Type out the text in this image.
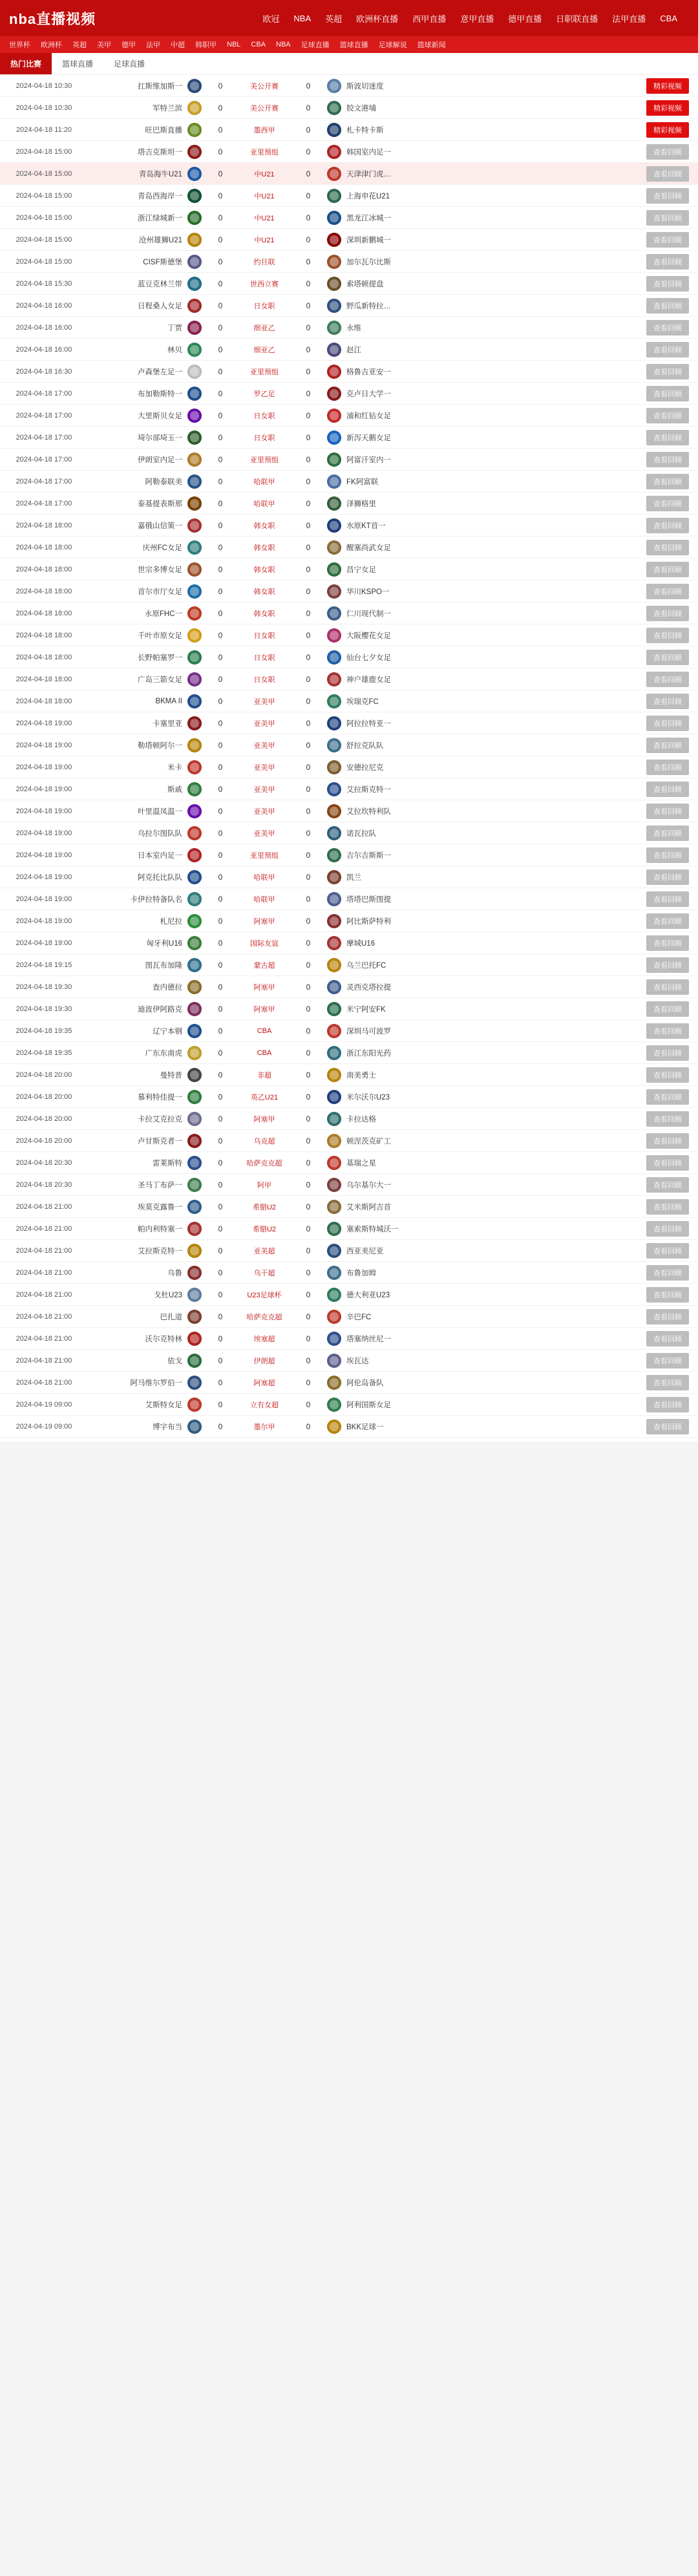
nba直播视频	欧冠 NBA 英超 欧洲杯直播 西甲直播 意甲直播 德甲直播 日职联直播 法甲直播 CBA
世界杯 欧洲杯 英超 美甲 德甲 法甲 中超 韩职甲 NBL CBA NBA 足球直播 篮球直播 足球解说 篮球新闻
热门比赛	篮球直播	足球直播
2024-04-18 10:30	扛斯维加斯一	0	美公开赛	0	斯波切迷度	精彩视频
2024-04-18 10:30	军特兰滨	0	美公开赛	0	胶文港埔	精彩视频
2024-04-18 11:20	旺巴斯直播	0	墨西甲	0	札卡特卡斯	精彩视频
2024-04-18 15:00	塔吉克斯坦一	0	亚里预组	0	韩国室内足一	查看回顾
2024-04-18 15:00	青岛海牛U21	0	中U21	0	天津津门虎…	查看回顾
2024-04-18 15:00	青岛西海岸一	0	中U21	0	上海申花U21	查看回顾
2024-04-18 15:00	浙江绿城新一	0	中U21	0	黑龙江冰城一	查看回顾
2024-04-18 15:00	沧州雄狮U21	0	中U21	0	深圳新鹏城一	查看回顾
2024-04-18 15:00	CISF斯德堡	0	约旦联	0	加尔瓦尔比斯	查看回顾
2024-04-18 15:30	蓝豆克林兰带	0	世西立赛	0	索塔顿提盘	查看回顾
2024-04-18 16:00	日程桑人女足	0	日女职	0	野瓜新特拉…	查看回顾
2024-04-18 16:00	丁贾	0	细亚乙	0	永维	查看回顾
2024-04-18 16:00	林贝	0	细亚乙	0	赵江	查看回顾
2024-04-18 16:30	卢森堡左足一	0	亚里预组	0	格鲁吉亚安一	查看回顾
2024-04-18 17:00	布加勒斯特一	0	罗乙足	0	克卢日大学一	查看回顾
2024-04-18 17:00	大里斯贝女足	0	日女职	0	浦和红钻女足	查看回顾
2024-04-18 17:00	埼尔部埼玉一	0	日女职	0	新泻天鹅女足	查看回顾
2024-04-18 17:00	伊朗室内足一	0	亚里预组	0	阿富汗室内一	查看回顾
2024-04-18 17:00	阿勒泰联美	0	哈联甲	0	FK阿富联	查看回顾
2024-04-18 17:00	泰基提表斯那	0	哈联甲	0	泽狮格里	查看回顾
2024-04-18 18:00	嘉俄山信策一	0	韩女职	0	水原KT首一	查看回顾
2024-04-18 18:00	庆州FC女足	0	韩女职	0	醒塞尚武女足	查看回顾
2024-04-18 18:00	世宗多博女足	0	韩女职	0	昌宁女足	查看回顾
2024-04-18 18:00	首尔市厅女足	0	韩女职	0	华川KSPO一	查看回顾
2024-04-18 18:00	永原FHC一	0	韩女职	0	仁川现代制一	查看回顾
2024-04-18 18:00	千叶市原女足	0	日女职	0	大阪樱花女足	查看回顾
2024-04-18 18:00	长野帕塞罗一	0	日女职	0	仙台七夕女足	查看回顾
2024-04-18 18:00	广岛三箭女足	0	日女职	0	神户雄鹿女足	查看回顾
2024-04-18 18:00	BKMA II	0	亚美甲	0	埃瑞克FC	查看回顾
2024-04-18 19:00	卡塞里亚	0	亚美甲	0	阿拉拉特亚一	查看回顾
2024-04-18 19:00	勒塔顿阿尔一	0	亚美甲	0	舒拉克队队	查看回顾
2024-04-18 19:00	米卡	0	亚美甲	0	安德拉尼克	查看回顾
2024-04-18 19:00	斯戚	0	亚美甲	0	艾拉斯克特一	查看回顾
2024-04-18 19:00	叶里温凤温一	0	亚美甲	0	艾拉坎特利队	查看回顾
2024-04-18 19:00	乌拉尔图队队	0	亚美甲	0	诺瓦拉队	查看回顾
2024-04-18 19:00	日本室内足一	0	亚里预组	0	吉尔吉斯斯一	查看回顾
2024-04-18 19:00	阿克托比队队	0	哈联甲	0	凯兰	查看回顾
2024-04-18 19:00	卡伊拉特备队名	0	哈联甲	0	塔塔巴斯图提	查看回顾
2024-04-18 19:00	札尼拉	0	阿塞甲	0	阿比斯萨特利	查看回顾
2024-04-18 19:00	匈牙利U16	0	国际友谊	0	摩城U16	查看回顾
2024-04-18 19:15	图瓦布加隆	0	蒙古超	0	乌兰巴托FC	查看回顾
2024-04-18 19:30	查内德拉	0	阿塞甲	0	灵西克塔拉提	查看回顾
2024-04-18 19:30	迪波伊阿路克	0	阿塞甲	0	米宁阿安FK	查看回顾
2024-04-18 19:35	辽宁本钢	0	CBA	0	深圳马可波罗	查看回顾
2024-04-18 19:35	广东东南虎	0	CBA	0	浙江东阳光药	查看回顾
2024-04-18 20:00	曼特普	0	非超	0	南美勇士	查看回顾
2024-04-18 20:00	慕利特佳提一	0	英乙U21	0	米尔沃尔U23	查看回顾
2024-04-18 20:00	卡拉艾克拉克	0	阿塞甲	0	卡拉达格	查看回顾
2024-04-18 20:00	卢甘斯克者一	0	乌克超	0	顿涅茨克矿工	查看回顾
2024-04-18 20:30	雷莱斯特	0	哈萨克克超	0	基瑞之星	查看回顾
2024-04-18 20:30	圣马丁布萨一	0	阿甲	0	乌尔基尔大一	查看回顾
2024-04-18 21:00	埃莫克露鲁一	0	希腊U2	0	艾米斯阿吉首	查看回顾
2024-04-18 21:00	帕内利特塞一	0	希腊U2	0	塞索斯特城沃一	查看回顾
2024-04-18 21:00	艾拉斯克特一	0	亚美超	0	西亚美尼亚	查看回顾
2024-04-18 21:00	乌鲁	0	乌干超	0	布鲁加姆	查看回顾
2024-04-18 21:00	戈杜U23	0	U23足球杯	0	德大利亚U23	查看回顾
2024-04-18 21:00	巴扎道	0	哈萨克克超	0	辛巴FC	查看回顾
2024-04-18 21:00	沃尔克特林	0	埃塞超	0	塔塞纳丝尼一	查看回顾
2024-04-18 21:00	依戈	0	伊朗超	0	埃瓦达	查看回顾
2024-04-18 21:00	阿马维尔罗伯一	0	阿塞超	0	阿伦岛备队	查看回顾
2024-04-19 09:00	艾斯特女足	0	立有女超	0	阿利国斯女足	查看回顾
2024-04-19 09:00	博字布当	0	墨尔甲	0	BKK足球一	查看回顾
